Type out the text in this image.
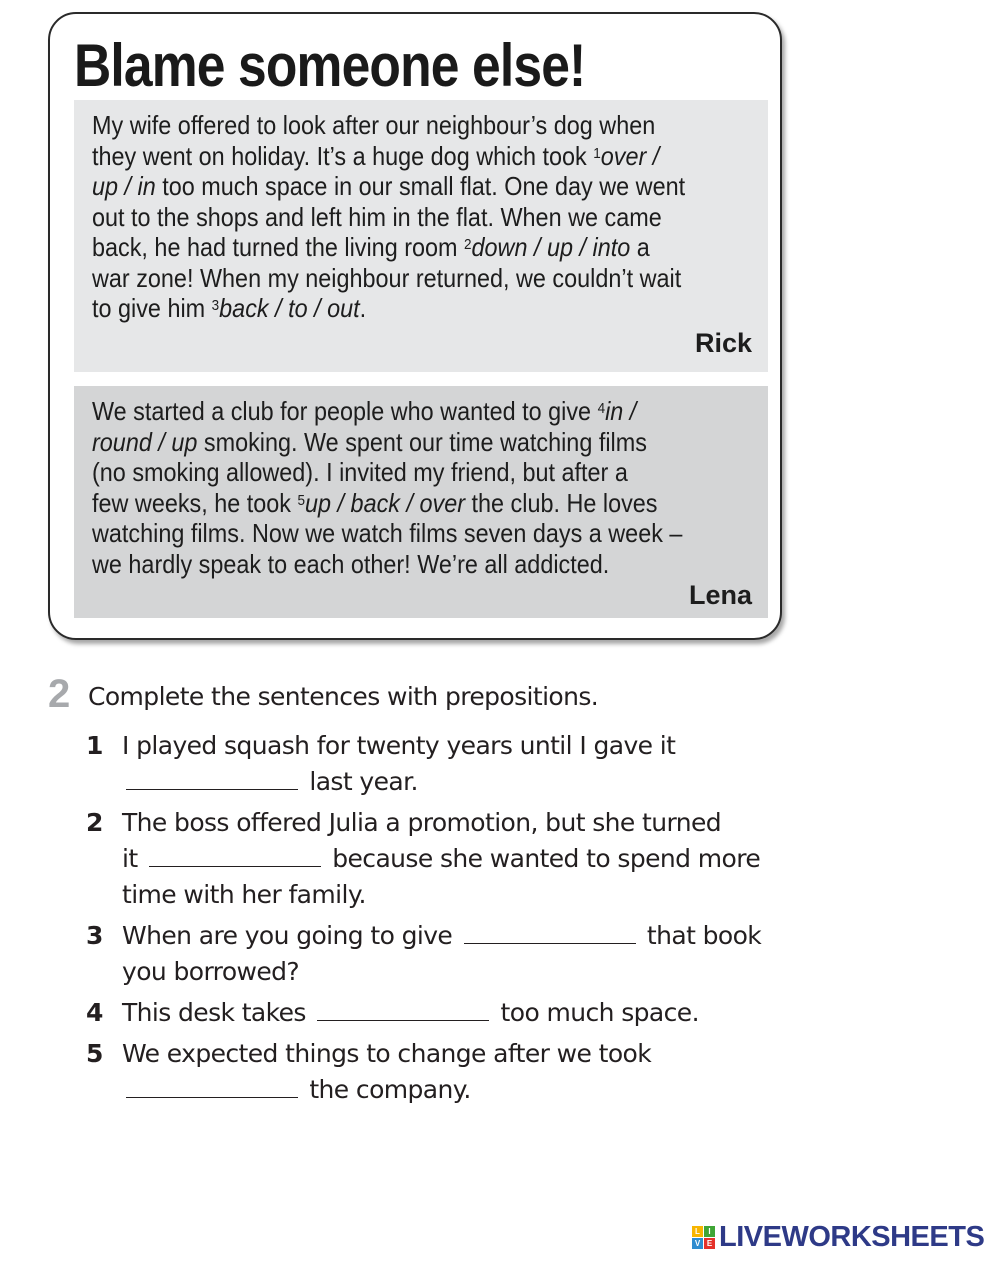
Blame someone else!

My wife offered to look after our neighbour’s dog when

they went on holiday. It’s a huge dog which took $^1$over /

up / in too much space in our small flat. One day we went

out to the shops and left him in the flat. When we came

back, he had turned the living room $^2$down / up / into a

war zone! When my neighbour returned, we couldn’t wait

to give him $^3$back / to / out.

Rick

We started a club for people who wanted to give $^4$in /

round / up smoking. We spent our time watching films

(no smoking allowed). I invited my friend, but after a

few weeks, he took $^5$up / back / over the club. He loves

watching films. Now we watch films seven days a week –

we hardly speak to each other! We’re all addicted.

Lena
2 Complete the sentences with prepositions.

1 I played squash for twenty years until I gave it
last year.
2 The boss offered Julia a promotion, but she turned
it	because she wanted to spend more
time with her family.
3 When are you going to give	that book
you borrowed?
4 This desk takes	too much space.
5 We expected things to change after we took
the company.
L	I
V E LIVEWORKSHEETS
